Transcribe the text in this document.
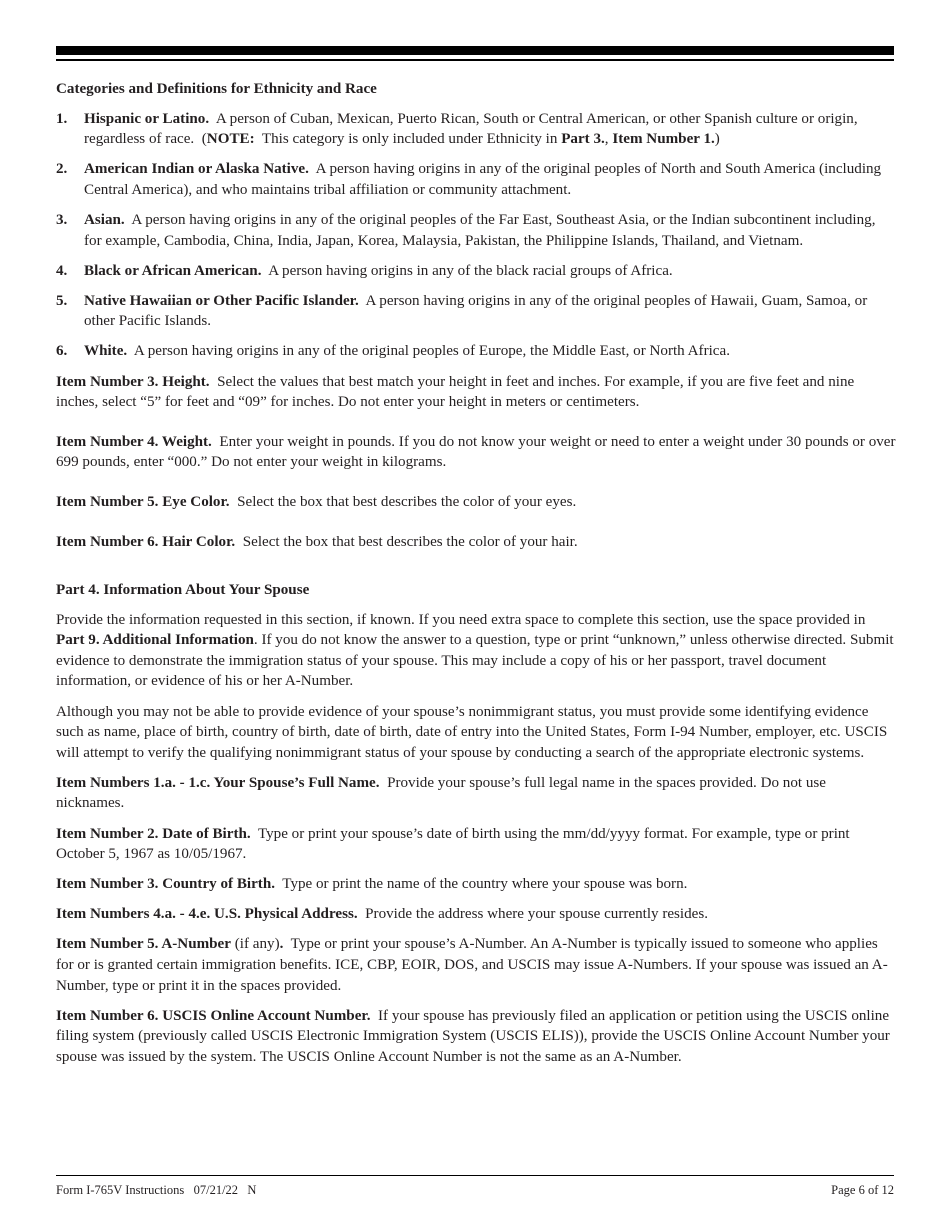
Categories and Definitions for Ethnicity and Race

1.	Hispanic or Latino. A person of Cuban, Mexican, Puerto Rican, South or Central American, or other Spanish culture or origin, regardless of race. (NOTE: This category is only included under Ethnicity in Part 3., Item Number 1.)
2.	American Indian or Alaska Native. A person having origins in any of the original peoples of North and South America (including Central America), and who maintains tribal affiliation or community attachment.
3.	Asian. A person having origins in any of the original peoples of the Far East, Southeast Asia, or the Indian subcontinent including, for example, Cambodia, China, India, Japan, Korea, Malaysia, Pakistan, the Philippine Islands, Thailand, and Vietnam.
4.	Black or African American. A person having origins in any of the black racial groups of Africa.
5.	Native Hawaiian or Other Pacific Islander. A person having origins in any of the original peoples of Hawaii, Guam, Samoa, or other Pacific Islands.
6.	White. A person having origins in any of the original peoples of Europe, the Middle East, or North Africa.

Item Number 3. Height. Select the values that best match your height in feet and inches. For example, if you are five feet and nine inches, select “5” for feet and “09” for inches. Do not enter your height in meters or centimeters.

Item Number 4. Weight. Enter your weight in pounds. If you do not know your weight or need to enter a weight under 30 pounds or over 699 pounds, enter “000.” Do not enter your weight in kilograms.

Item Number 5. Eye Color. Select the box that best describes the color of your eyes.

Item Number 6. Hair Color. Select the box that best describes the color of your hair.

Part 4. Information About Your Spouse

Provide the information requested in this section, if known. If you need extra space to complete this section, use the space provided in Part 9. Additional Information. If you do not know the answer to a question, type or print “unknown,” unless otherwise directed. Submit evidence to demonstrate the immigration status of your spouse. This may include a copy of his or her passport, travel document information, or evidence of his or her A-Number.

Although you may not be able to provide evidence of your spouse’s nonimmigrant status, you must provide some identifying evidence such as name, place of birth, country of birth, date of birth, date of entry into the United States, Form I-94 Number, employer, etc. USCIS will attempt to verify the qualifying nonimmigrant status of your spouse by conducting a search of the appropriate electronic systems.

Item Numbers 1.a. - 1.c. Your Spouse’s Full Name. Provide your spouse’s full legal name in the spaces provided. Do not use nicknames.

Item Number 2. Date of Birth. Type or print your spouse’s date of birth using the mm/dd/yyyy format. For example, type or print October 5, 1967 as 10/05/1967.

Item Number 3. Country of Birth. Type or print the name of the country where your spouse was born.

Item Numbers 4.a. - 4.e. U.S. Physical Address. Provide the address where your spouse currently resides.

Item Number 5. A-Number (if any). Type or print your spouse’s A-Number. An A-Number is typically issued to someone who applies for or is granted certain immigration benefits. ICE, CBP, EOIR, DOS, and USCIS may issue A-Numbers. If your spouse was issued an A-Number, type or print it in the spaces provided.

Item Number 6. USCIS Online Account Number. If your spouse has previously filed an application or petition using the USCIS online filing system (previously called USCIS Electronic Immigration System (USCIS ELIS)), provide the USCIS Online Account Number your spouse was issued by the system. The USCIS Online Account Number is not the same as an A-Number.

Form I-765V Instructions   07/21/22   N	Page 6 of 12
